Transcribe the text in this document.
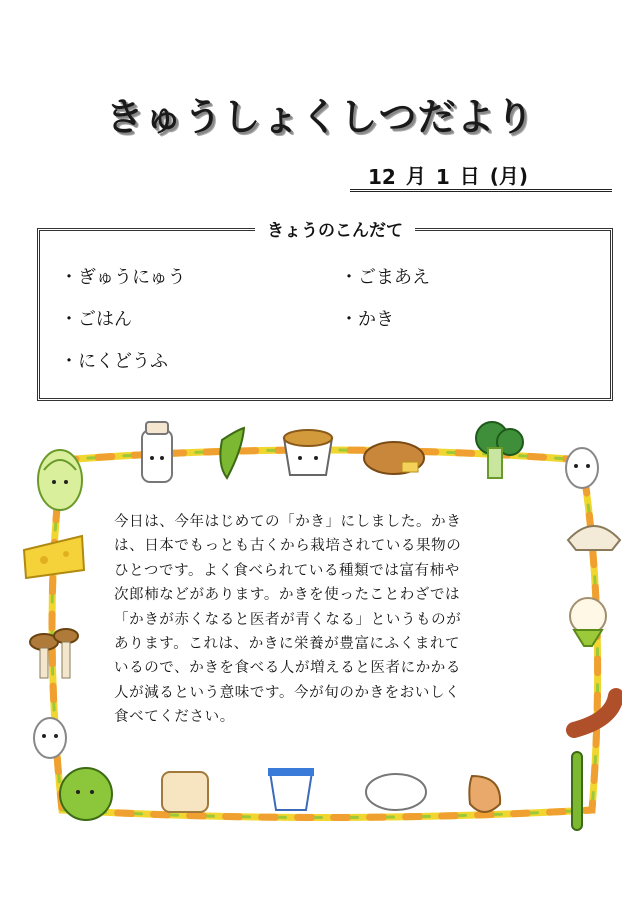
きゅうしょくしつだより
12 月 1 日 (月)
きょうのこんだて
・ぎゅうにゅう	・ごまあえ
・ごはん	・かき
・にくどうふ
今日は、今年はじめての「かき」にしました。かき
は、日本でもっとも古くから栽培されている果物の
ひとつです。よく食べられている種類では富有柿や
次郎柿などがあります。かきを使ったことわざでは
「かきが赤くなると医者が青くなる」というものが
あります。これは、かきに栄養が豊富にふくまれて
いるので、かきを食べる人が増えると医者にかかる
人が減るという意味です。今が旬のかきをおいしく
食べてください。
